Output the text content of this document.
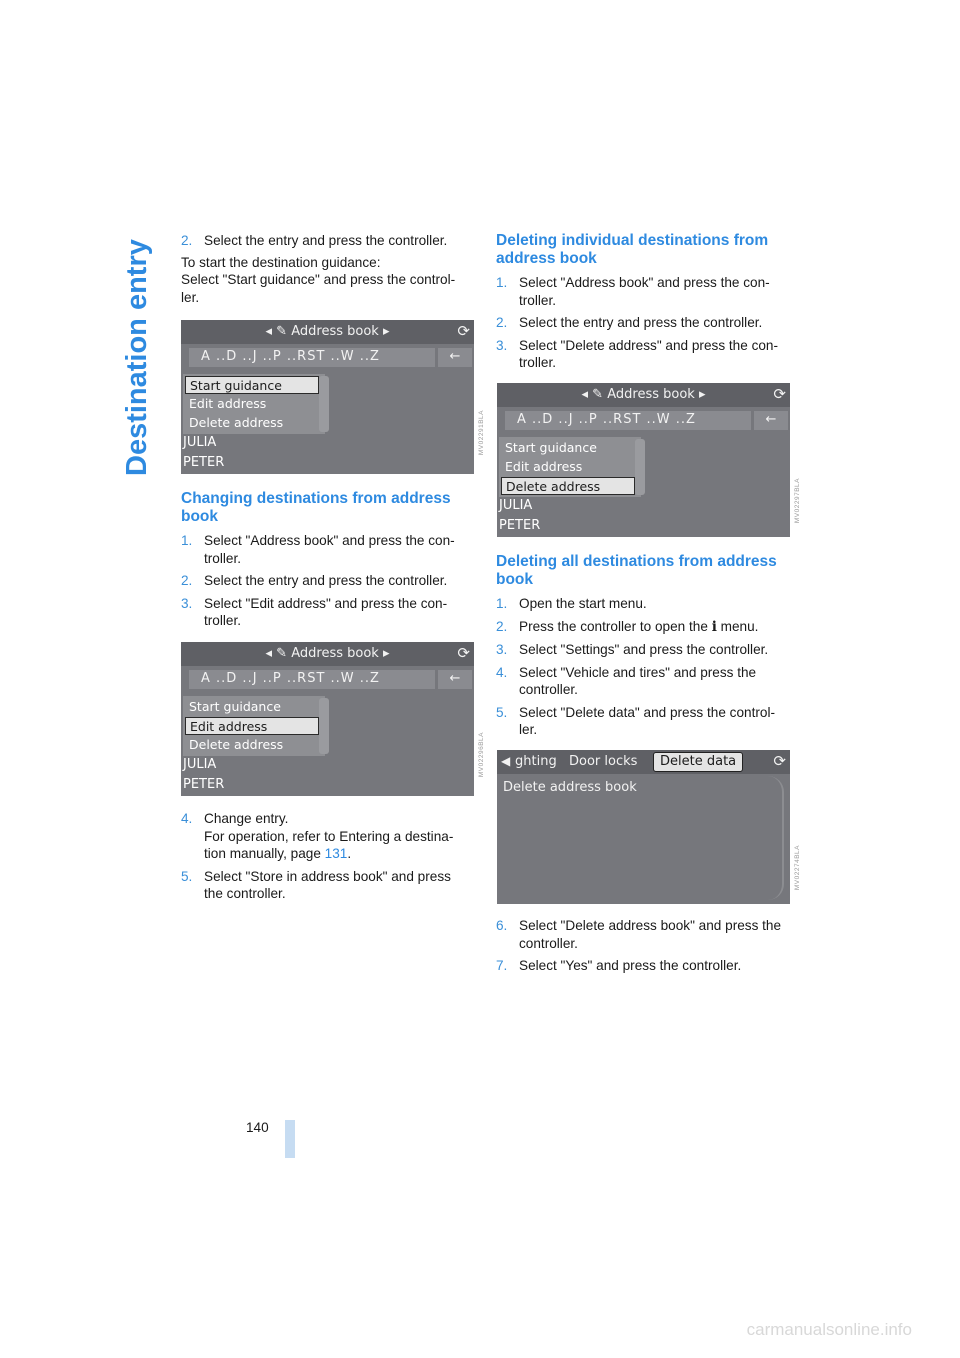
Destination entry 2. Select the entry and press the controller.

To start the destination guidance:

Select "Start guidance" and press the control-

ler.

◂ ✎ Address book ▸	⟳
A ..D ..J ..P ..RST ..W ..Z	←
Start guidance
Edit address
Delete address
JULIA
PETER
MV02291BLA
Changing destinations from address
book
1. Select "Address book" and press the con-

troller.

2. Select the entry and press the controller.

3. Select "Edit address" and press the con-

troller.

◂ ✎ Address book ▸	⟳
A ..D ..J ..P ..RST ..W ..Z	←
Start guidance
Edit address
Delete address
JULIA
PETER
MV02296BLA
4. Change entry.

For operation, refer to Entering a destina-

tion manually, page 131.

5. Select "Store in address book" and press

the controller.

Deleting individual destinations from
address book
1. Select "Address book" and press the con-

troller.

2. Select the entry and press the controller.

3. Select "Delete address" and press the con-

troller.

◂ ✎ Address book ▸	⟳
A ..D ..J ..P ..RST ..W ..Z	←
Start guidance
Edit address
Delete address
JULIA
PETER
MV02297BLA
Deleting all destinations from address
book
1. Open the start menu.

2. Press the controller to open the i menu.

3. Select "Settings" and press the controller.

4. Select "Vehicle and tires" and press the

controller.

5. Select "Delete data" and press the control-

ler.

◀ ghting Door locks	Delete data	⟳
Delete address book
MV02274BLA
6. Select "Delete address book" and press the

controller.

7. Select "Yes" and press the controller.

140
carmanualsonline.info
